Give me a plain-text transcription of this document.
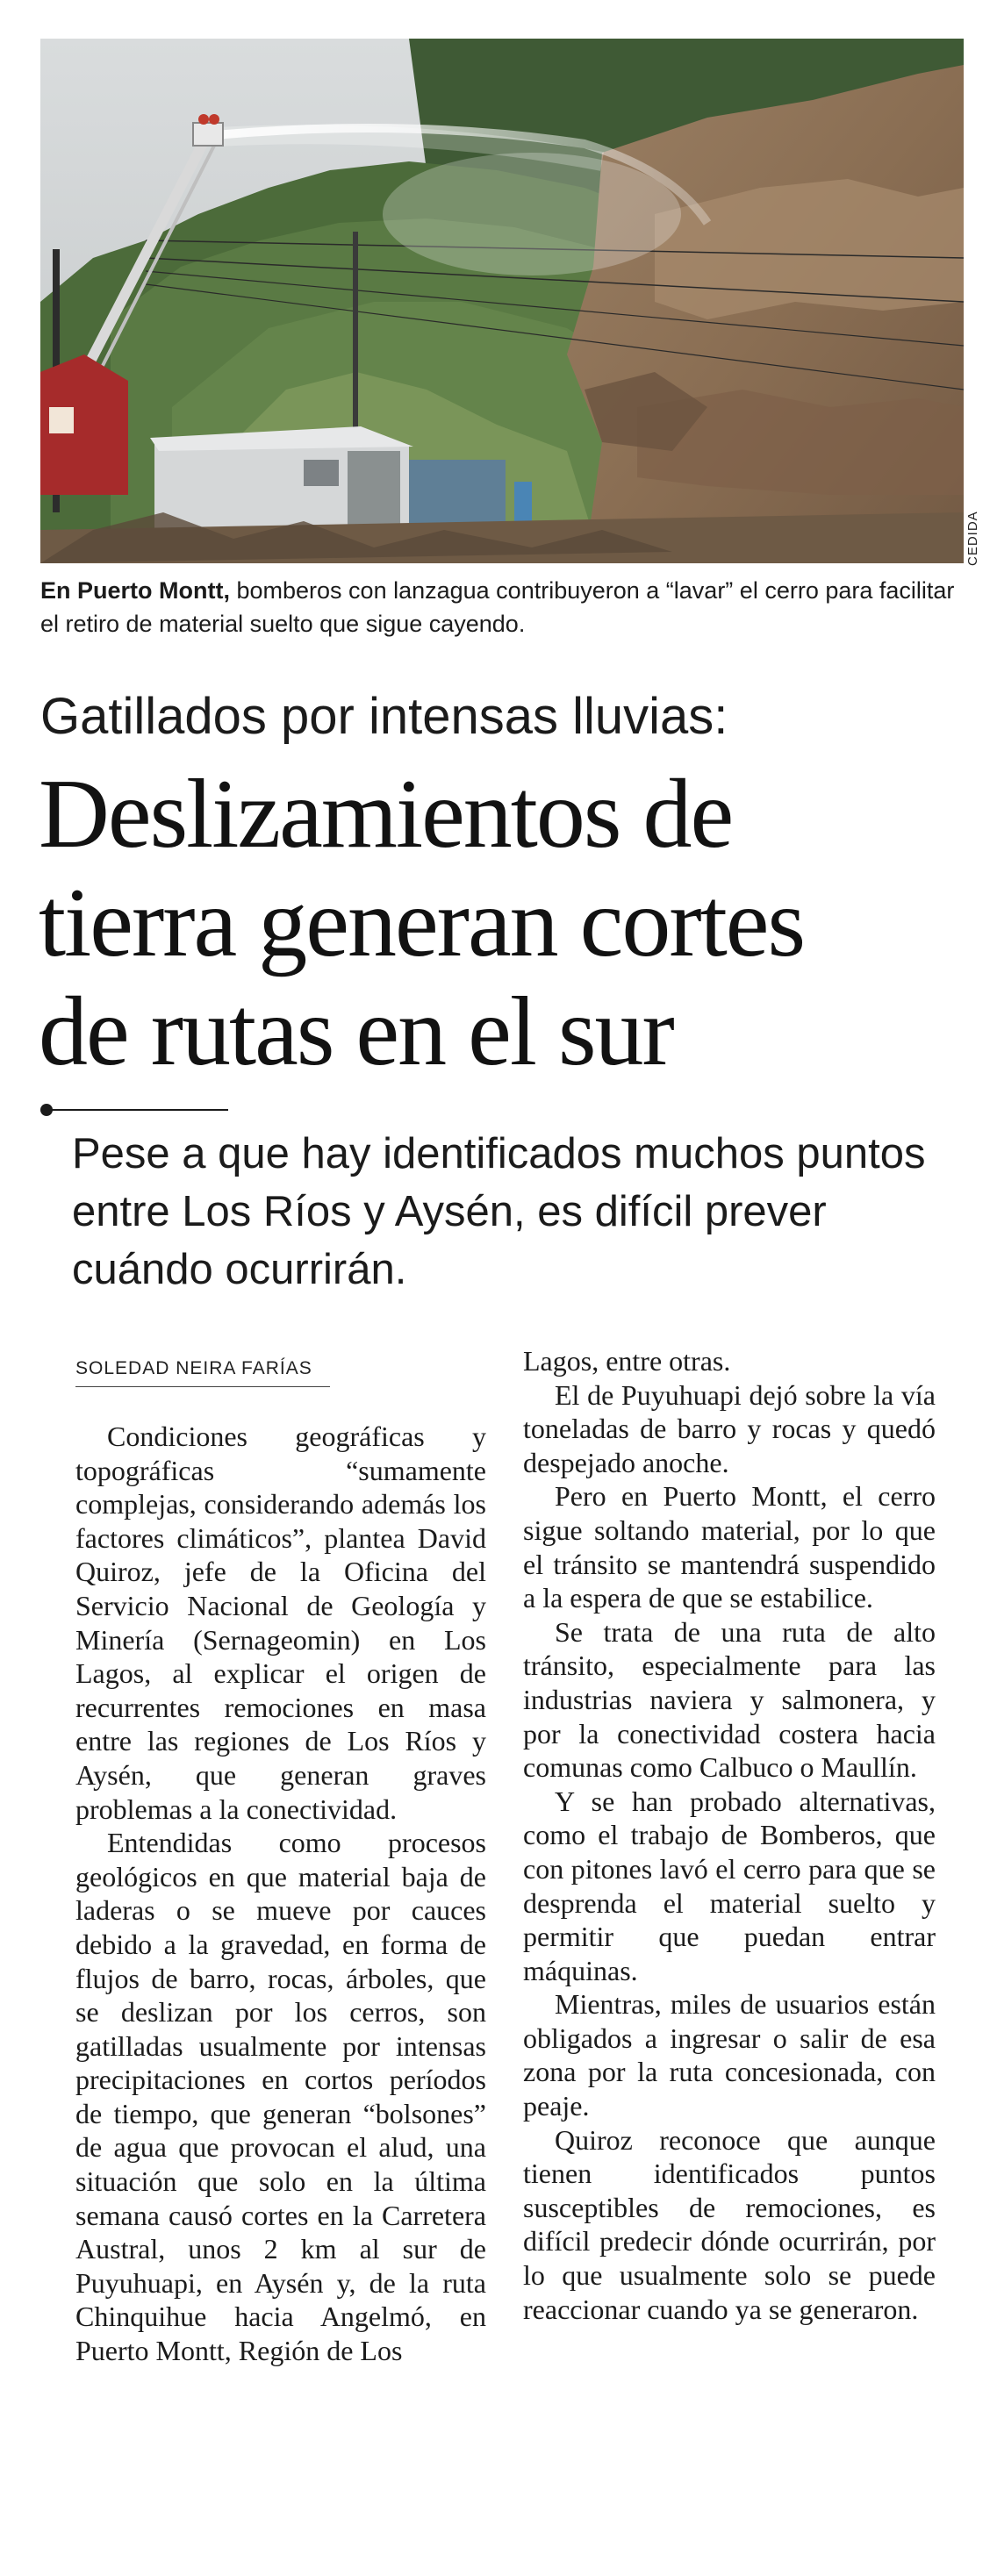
CEDIDA

En Puerto Montt, bomberos con lanzagua contribuyeron a “lavar” el cerro para facilitar el retiro de material suelto que sigue cayendo.

Gatillados por intensas lluvias:
Deslizamientos de
tierra generan cortes
de rutas en el sur
Pese a que hay identificados muchos puntos entre Los Ríos y Aysén, es difícil prever cuándo ocurrirán.
SOLEDAD NEIRA FARÍAS

Condiciones geográficas y topográficas “sumamente complejas, considerando además los factores climáticos”, plantea David Quiroz, jefe de la Oficina del Servicio Nacional de Geología y Minería (Sernageomin) en Los Lagos, al explicar el origen de recurrentes remociones en masa entre las regiones de Los Ríos y Aysén, que generan graves problemas a la conectividad.

Entendidas como procesos geológicos en que material baja de laderas o se mueve por cauces debido a la gravedad, en forma de flujos de barro, rocas, árboles, que se deslizan por los cerros, son gatilladas usualmente por intensas precipitaciones en cortos períodos de tiempo, que generan “bolsones” de agua que provocan el alud, una situación que solo en la última semana causó cortes en la Carretera Austral, unos 2 km al sur de Puyuhuapi, en Aysén y, de la ruta Chinquihue hacia Angelmó, en Puerto Montt, Región de Los

Lagos, entre otras.

El de Puyuhuapi dejó sobre la vía toneladas de barro y rocas y quedó despejado anoche.

Pero en Puerto Montt, el cerro sigue soltando material, por lo que el tránsito se mantendrá suspendido a la espera de que se estabilice.

Se trata de una ruta de alto tránsito, especialmente para las industrias naviera y salmonera, y por la conectividad costera hacia comunas como Calbuco o Maullín.

Y se han probado alternativas, como el trabajo de Bomberos, que con pitones lavó el cerro para que se desprenda el material suelto y permitir que puedan entrar máquinas.

Mientras, miles de usuarios están obligados a ingresar o salir de esa zona por la ruta concesionada, con peaje.

Quiroz reconoce que aunque tienen identificados puntos susceptibles de remociones, es difícil predecir dónde ocurrirán, por lo que usualmente solo se puede reaccionar cuando ya se generaron.
